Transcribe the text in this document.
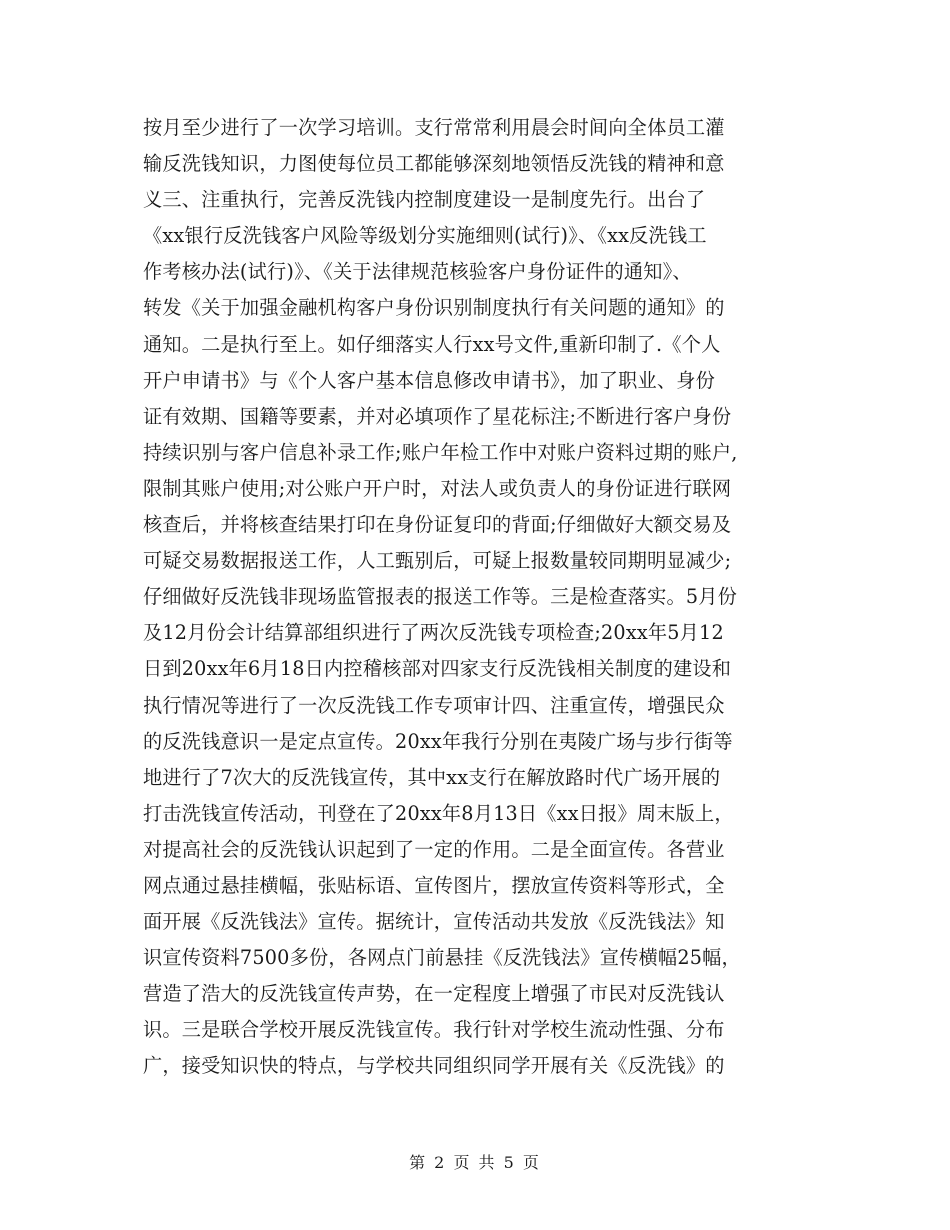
按月至少进行了一次学习培训。支行常常利用晨会时间向全体员工灌
输反洗钱知识，力图使每位员工都能够深刻地领悟反洗钱的精神和意
义三、注重执行，完善反洗钱内控制度建设一是制度先行。出台了
《xx银行反洗钱客户风险等级划分实施细则(试行)》、《xx反洗钱工
作考核办法(试行)》、《关于法律规范核验客户身份证件的通知》、
转发《关于加强金融机构客户身份识别制度执行有关问题的通知》的
通知。二是执行至上。如仔细落实人行xx号文件,重新印制了.《个人
开户申请书》与《个人客户基本信息修改申请书》，加了职业、身份
证有效期、国籍等要素，并对必填项作了星花标注;不断进行客户身份
持续识别与客户信息补录工作;账户年检工作中对账户资料过期的账户,
限制其账户使用;对公账户开户时，对法人或负责人的身份证进行联网
核查后，并将核查结果打印在身份证复印的背面;仔细做好大额交易及
可疑交易数据报送工作，人工甄别后，可疑上报数量较同期明显减少;
仔细做好反洗钱非现场监管报表的报送工作等。三是检查落实。5月份
及12月份会计结算部组织进行了两次反洗钱专项检查;20xx年5月12
日到20xx年6月18日内控稽核部对四家支行反洗钱相关制度的建设和
执行情况等进行了一次反洗钱工作专项审计四、注重宣传，增强民众
的反洗钱意识一是定点宣传。20xx年我行分别在夷陵广场与步行街等
地进行了7次大的反洗钱宣传，其中xx支行在解放路时代广场开展的
打击洗钱宣传活动，刊登在了20xx年8月13日《xx日报》周末版上，
对提高社会的反洗钱认识起到了一定的作用。二是全面宣传。各营业
网点通过悬挂横幅，张贴标语、宣传图片，摆放宣传资料等形式，全
面开展《反洗钱法》宣传。据统计，宣传活动共发放《反洗钱法》知
识宣传资料7500多份，各网点门前悬挂《反洗钱法》宣传横幅25幅，
营造了浩大的反洗钱宣传声势，在一定程度上增强了市民对反洗钱认
识。三是联合学校开展反洗钱宣传。我行针对学校生流动性强、分布
广，接受知识快的特点，与学校共同组织同学开展有关《反洗钱》的
第 2 页 共 5 页
